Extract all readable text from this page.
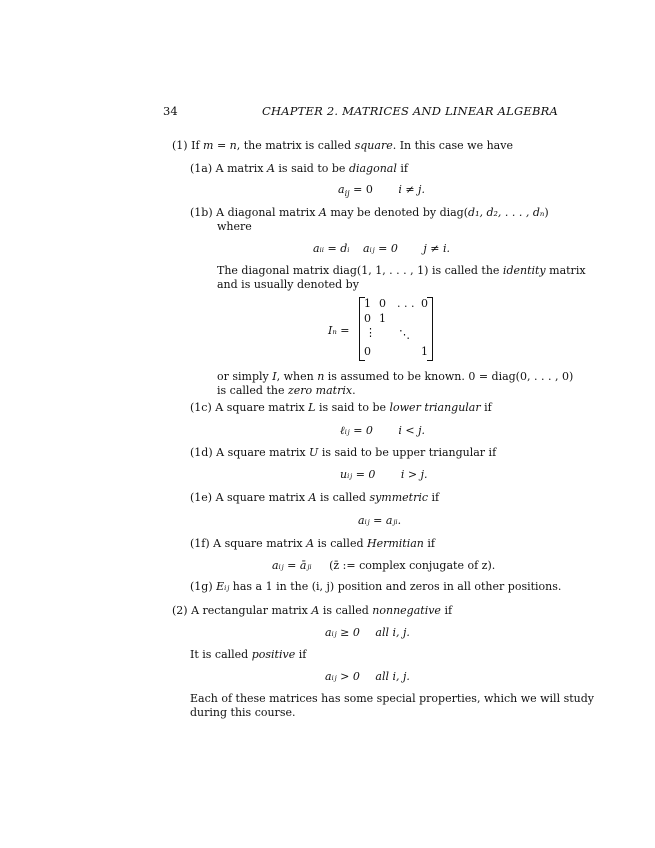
34	CHAPTER 2. MATRICES AND LINEAR ALGEBRA
(1) If m = n, the matrix is called square. In this case we have
(1a) A matrix A is said to be diagonal if
$a_{ij} = 0$ i ≠ j.
(1b) A diagonal matrix A may be denoted by diag(d₁, d₂, . . . , dₙ)
where
aᵢᵢ = dᵢ aᵢⱼ = 0 j ≠ i.
The diagonal matrix diag(1, 1, . . . , 1) is called the identity matrix
and is usually denoted by
Iₙ =
1 0 . . . 0
0 1
⋮ ⋱
0	1
or simply I, when n is assumed to be known. 0 = diag(0, . . . , 0)
is called the zero matrix.
(1c) A square matrix L is said to be lower triangular if
ℓᵢⱼ = 0 i < j.
(1d) A square matrix U is said to be upper triangular if
uᵢⱼ = 0 i > j.
(1e) A square matrix A is called symmetric if
aᵢⱼ = aⱼᵢ.
(1f) A square matrix A is called Hermitian if
aᵢⱼ = āⱼᵢ (z̄ := complex conjugate of z).
(1g) Eᵢⱼ has a 1 in the (i, j) position and zeros in all other positions.
(2) A rectangular matrix A is called nonnegative if
aᵢⱼ ≥ 0 all i, j.
It is called positive if
aᵢⱼ > 0 all i, j.
Each of these matrices has some special properties, which we will study
during this course.
